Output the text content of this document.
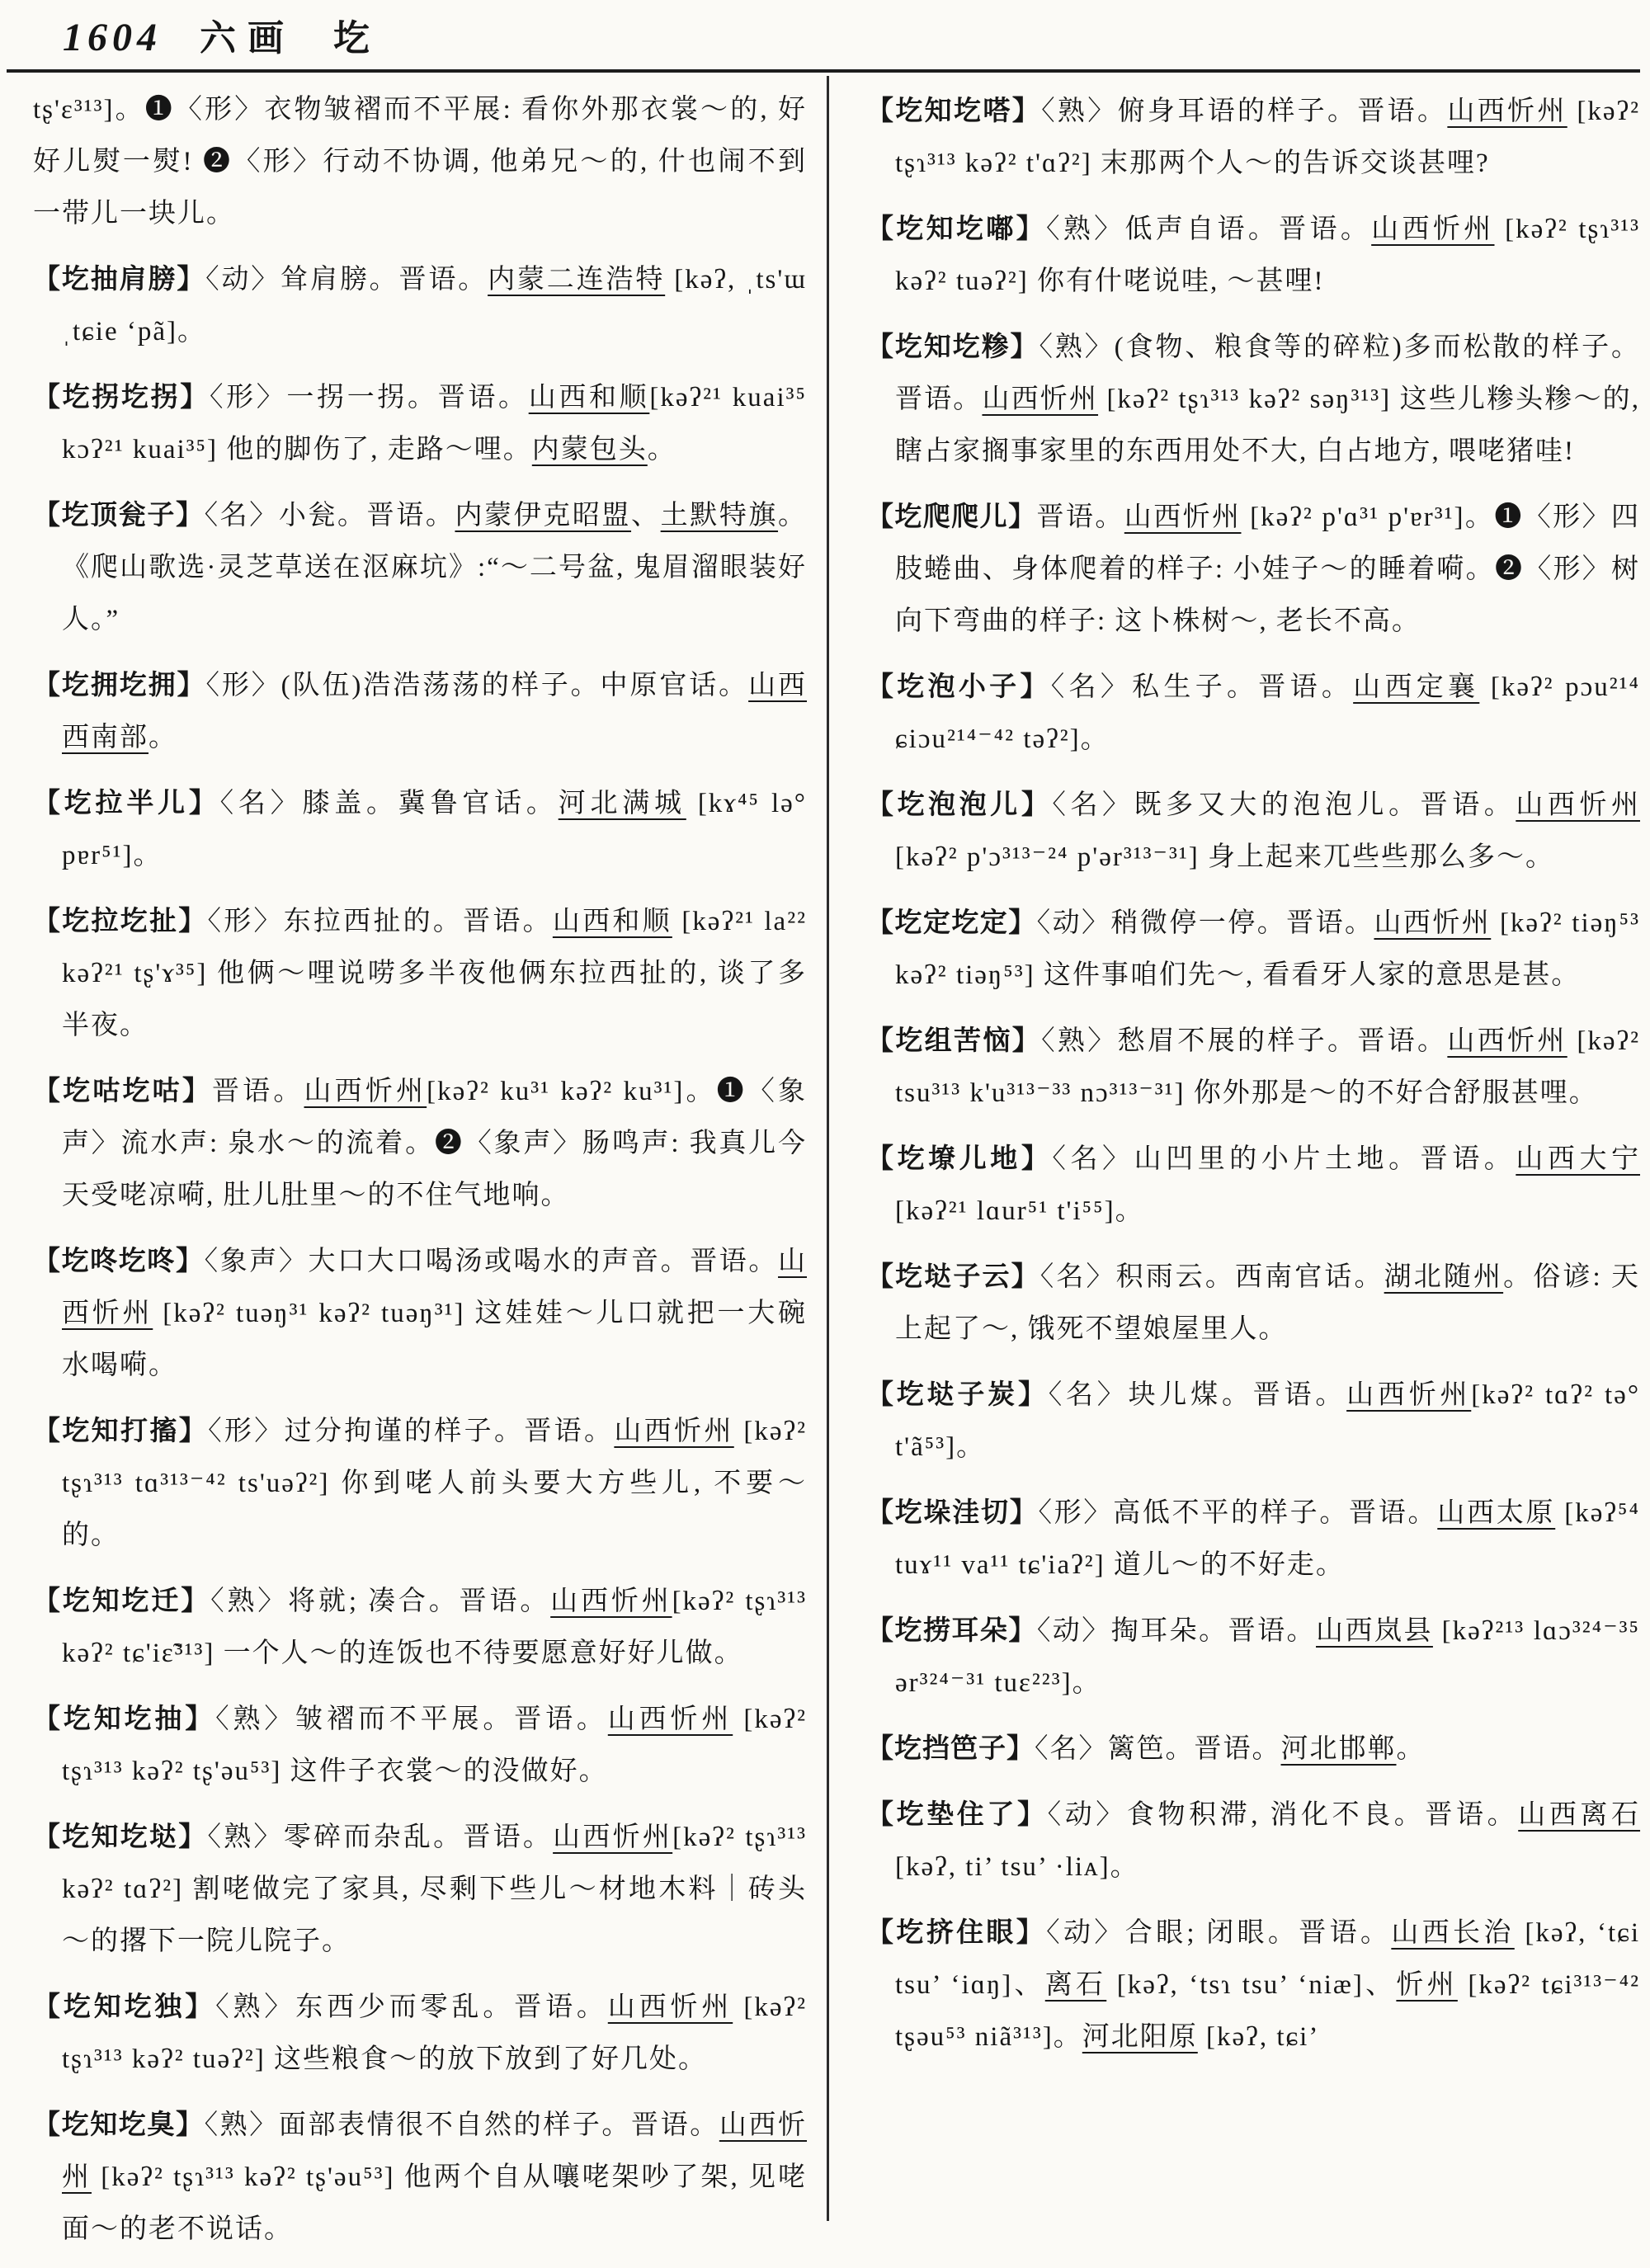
1604 六画 圪
tʂ'ε³¹³]。❶〈形〉衣物皱褶而不平展: 看你外那衣裳～的, 好好儿熨一熨! ❷〈形〉行动不协调, 他弟兄～的, 什也闹不到一带儿一块儿。
【圪抽肩膀】〈动〉耸肩膀。晋语。内蒙二连浩特 [kəʔ, ˌts'ɯ ˌtɕie ‘pã]。
【圪拐圪拐】〈形〉一拐一拐。晋语。山西和顺[kəʔ²¹ kuai³⁵ kɔʔ²¹ kuai³⁵] 他的脚伤了, 走路～哩。内蒙包头。
【圪顶瓮子】〈名〉小瓮。晋语。内蒙伊克昭盟、土默特旗。《爬山歌选·灵芝草送在沤麻坑》:“～二号盆, 鬼眉溜眼装好人。”
【圪拥圪拥】〈形〉(队伍)浩浩荡荡的样子。中原官话。山西西南部。
【圪拉半儿】〈名〉膝盖。冀鲁官话。河北满城 [kɤ⁴⁵ lə° pɐr⁵¹]。
【圪拉圪扯】〈形〉东拉西扯的。晋语。山西和顺 [kəʔ²¹ la²² kəʔ²¹ tʂ'ɤ³⁵] 他俩～哩说唠多半夜他俩东拉西扯的, 谈了多半夜。
【圪咕圪咕】晋语。山西忻州[kəʔ² ku³¹ kəʔ² ku³¹]。❶〈象声〉流水声: 泉水～的流着。❷〈象声〉肠鸣声: 我真儿今天受咾凉嗬, 肚儿肚里～的不住气地响。
【圪咚圪咚】〈象声〉大口大口喝汤或喝水的声音。晋语。山西忻州 [kəʔ² tuəŋ³¹ kəʔ² tuəŋ³¹] 这娃娃～儿口就把一大碗水喝嗬。
【圪知打搐】〈形〉过分拘谨的样子。晋语。山西忻州 [kəʔ² tʂɿ³¹³ tɑ³¹³⁻⁴² ts'uəʔ²] 你到咾人前头要大方些儿, 不要～的。
【圪知圪迁】〈熟〉将就; 凑合。晋语。山西忻州[kəʔ² tʂɿ³¹³ kəʔ² tɕ'iɛ̃³¹³] 一个人～的连饭也不待要愿意好好儿做。
【圪知圪抽】〈熟〉皱褶而不平展。晋语。山西忻州 [kəʔ² tʂɿ³¹³ kəʔ² tʂ'əu⁵³] 这件子衣裳～的没做好。
【圪知圪垯】〈熟〉零碎而杂乱。晋语。山西忻州[kəʔ² tʂɿ³¹³ kəʔ² tɑʔ²] 割咾做完了家具, 尽剩下些儿～材地木料｜砖头～的撂下一院儿院子。
【圪知圪独】〈熟〉东西少而零乱。晋语。山西忻州 [kəʔ² tʂɿ³¹³ kəʔ² tuəʔ²] 这些粮食～的放下放到了好几处。
【圪知圪臭】〈熟〉面部表情很不自然的样子。晋语。山西忻州 [kəʔ² tʂɿ³¹³ kəʔ² tʂ'əu⁵³] 他两个自从嚷咾架吵了架, 见咾面～的老不说话。
【圪知圪嗒】〈熟〉俯身耳语的样子。晋语。山西忻州 [kəʔ² tʂɿ³¹³ kəʔ² t'ɑʔ²] 末那两个人～的告诉交谈甚哩?
【圪知圪嘟】〈熟〉低声自语。晋语。山西忻州 [kəʔ² tʂɿ³¹³ kəʔ² tuəʔ²] 你有什咾说哇, ～甚哩!
【圪知圪糁】〈熟〉(食物、粮食等的碎粒)多而松散的样子。晋语。山西忻州 [kəʔ² tʂɿ³¹³ kəʔ² səŋ³¹³] 这些儿糁头糁～的, 瞎占家搁事家里的东西用处不大, 白占地方, 喂咾猪哇!
【圪爬爬儿】晋语。山西忻州 [kəʔ² p'ɑ³¹ p'ɐr³¹]。❶〈形〉四肢蜷曲、身体爬着的样子: 小娃子～的睡着嗬。❷〈形〉树向下弯曲的样子: 这卜株树～, 老长不高。
【圪泡小子】〈名〉私生子。晋语。山西定襄 [kəʔ² pɔu²¹⁴ ɕiɔu²¹⁴⁻⁴² təʔ²]。
【圪泡泡儿】〈名〉既多又大的泡泡儿。晋语。山西忻州 [kəʔ² p'ɔ³¹³⁻²⁴ p'ər³¹³⁻³¹] 身上起来兀些些那么多～。
【圪定圪定】〈动〉稍微停一停。晋语。山西忻州 [kəʔ² tiəŋ⁵³ kəʔ² tiəŋ⁵³] 这件事咱们先～, 看看牙人家的意思是甚。
【圪组苦恼】〈熟〉愁眉不展的样子。晋语。山西忻州 [kəʔ² tsu³¹³ k'u³¹³⁻³³ nɔ³¹³⁻³¹] 你外那是～的不好合舒服甚哩。
【圪㙩儿地】〈名〉山凹里的小片土地。晋语。山西大宁 [kəʔ²¹ lɑur⁵¹ t'i⁵⁵]。
【圪垯子云】〈名〉积雨云。西南官话。湖北随州。俗谚: 天上起了～, 饿死不望娘屋里人。
【圪垯子炭】〈名〉块儿煤。晋语。山西忻州[kəʔ² tɑʔ² tə° t'ã⁵³]。
【圪垛洼切】〈形〉高低不平的样子。晋语。山西太原 [kəʔ⁵⁴ tuɤ¹¹ va¹¹ tɕ'iaʔ²] 道儿～的不好走。
【圪捞耳朵】〈动〉掏耳朵。晋语。山西岚县 [kəʔ²¹³ lɑɔ³²⁴⁻³⁵ ər³²⁴⁻³¹ tuɛ²²³]。
【圪挡笆子】〈名〉篱笆。晋语。河北邯郸。
【圪垫住了】〈动〉食物积滞, 消化不良。晋语。山西离石 [kəʔ, ti’ tsu’ ·liᴀ]。
【圪挤住眼】〈动〉合眼; 闭眼。晋语。山西长治 [kəʔ, ‘tɕi tsu’ ‘iɑŋ]、离石 [kəʔ, ‘tsɿ tsu’ ‘niæ]、忻州 [kəʔ² tɕi³¹³⁻⁴² tʂəu⁵³ niã³¹³]。河北阳原 [kəʔ, tɕi’
